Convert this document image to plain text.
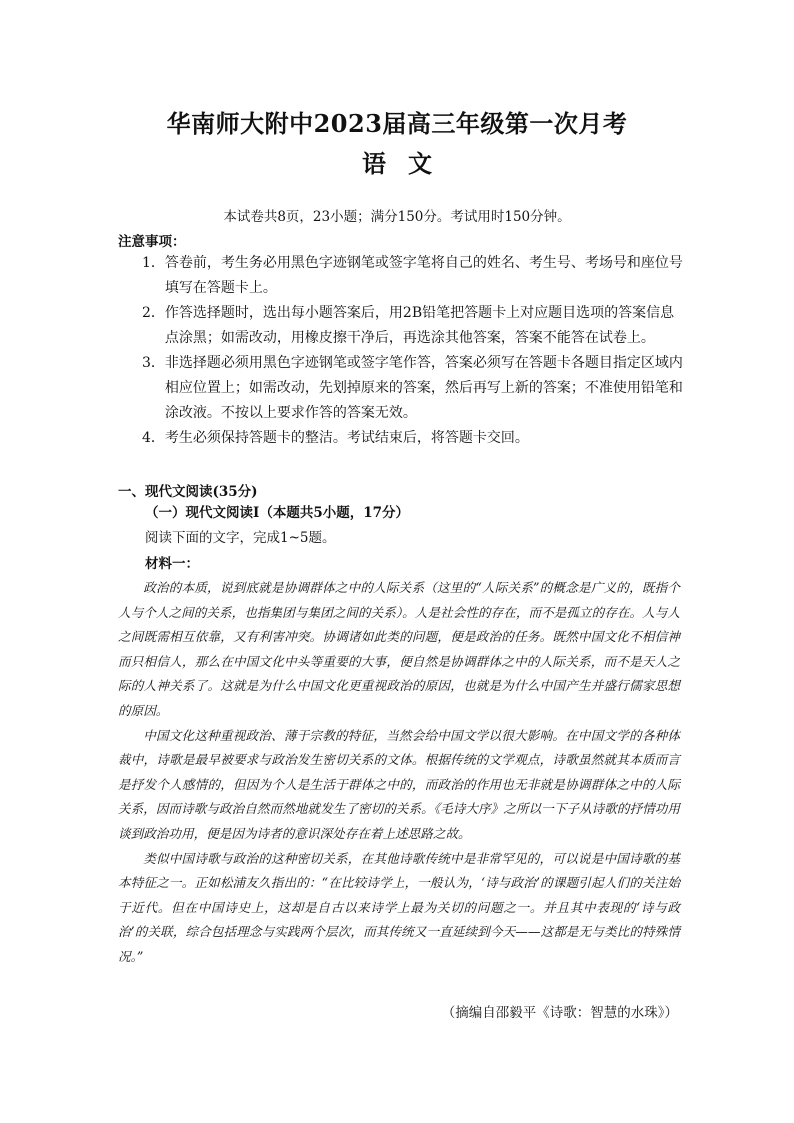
华南师大附中2023届高三年级第一次月考
语文
本试卷共8页，23小题；满分150分。考试用时150分钟。
注意事项：
1． 答卷前，考生务必用黑色字迹钢笔或签字笔将自己的姓名、考生号、考场号和座位号填写在答题卡上。
2． 作答选择题时，选出每小题答案后，用2B铅笔把答题卡上对应题目选项的答案信息点涂黑；如需改动，用橡皮擦干净后，再选涂其他答案，答案不能答在试卷上。
3． 非选择题必须用黑色字迹钢笔或签字笔作答，答案必须写在答题卡各题目指定区域内相应位置上；如需改动，先划掉原来的答案，然后再写上新的答案；不准使用铅笔和涂改液。不按以上要求作答的答案无效。
4． 考生必须保持答题卡的整洁。考试结束后，将答题卡交回。
一、现代文阅读(35分)
（一）现代文阅读Ⅰ（本题共5小题，17分）
阅读下面的文字，完成1~5题。
材料一：

政治的本质，说到底就是协调群体之中的人际关系（这里的“人际关系”的概念是广义的，既指个人与个人之间的关系，也指集团与集团之间的关系）。人是社会性的存在，而不是孤立的存在。人与人之间既需相互依靠，又有利害冲突。协调诸如此类的问题，便是政治的任务。既然中国文化不相信神而只相信人，那么在中国文化中头等重要的大事，便自然是协调群体之中的人际关系，而不是天人之际的人神关系了。这就是为什么中国文化更重视政治的原因，也就是为什么中国产生并盛行儒家思想的原因。

中国文化这种重视政治、薄于宗教的特征，当然会给中国文学以很大影响。在中国文学的各种体裁中，诗歌是最早被要求与政治发生密切关系的文体。根据传统的文学观点，诗歌虽然就其本质而言是抒发个人感情的，但因为个人是生活于群体之中的，而政治的作用也无非就是协调群体之中的人际关系，因而诗歌与政治自然而然地就发生了密切的关系。《毛诗大序》之所以一下子从诗歌的抒情功用谈到政治功用，便是因为诗者的意识深处存在着上述思路之故。

类似中国诗歌与政治的这种密切关系，在其他诗歌传统中是非常罕见的，可以说是中国诗歌的基本特征之一。正如松浦友久指出的：“在比较诗学上，一般认为，‘诗与政治’的课题引起人们的关注始于近代。但在中国诗史上，这却是自古以来诗学上最为关切的问题之一。并且其中表现的‘诗与政治’的关联，综合包括理念与实践两个层次，而其传统又一直延续到今天——这都是无与类比的特殊情况。”

（摘编自邵毅平《诗歌：智慧的水珠》）
